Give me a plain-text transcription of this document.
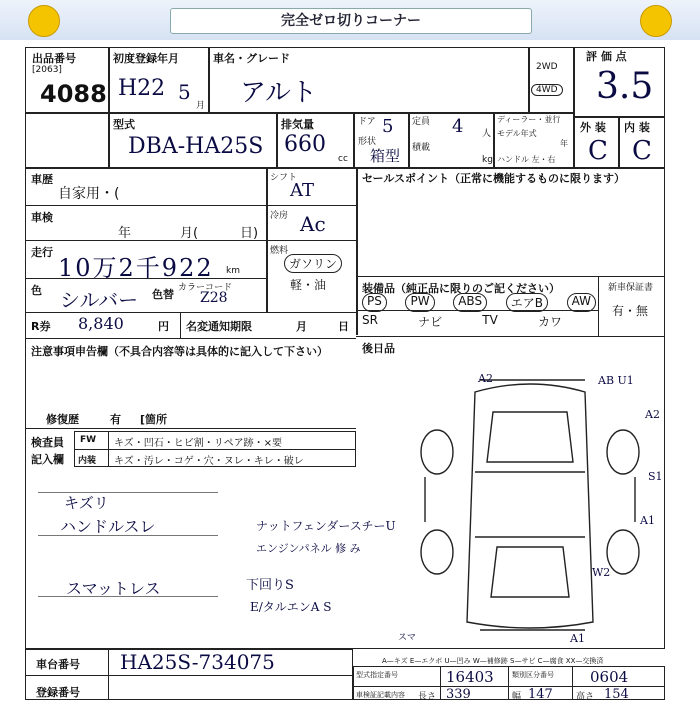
完全ゼロ切りコーナー
出品番号
[2063]
4088
初度登録年月
H22 5
月
車名・グレード
アルト
2WD
4WD
評 価 点
3.5
型式
DBA-HA25S
排気量
660
cc
ドア 5
形状
箱型
定員 4 人
積載
kg
ディーラー・並行
モデル年式
年
ハンドル 左・右
外 装 内 装
C C
車歴
自家用・(
車検
年	月(	日)
走行
10万2千922 km
色 シルバー 色替 カラーコード
Z28
R券 8,840	円 名変通知期限	月	日
シフト
AT
冷房 Ac
燃料
ガソリン
軽・油
セールスポイント（正常に機能するものに限ります）
装備品（純正品に限りのご記ください）	新車保証書
有・無
PS	PW	ABS	エアB	AW
SR	ナビ	TV	カワ
後日品
注意事項申告欄（不具合内容等は具体的に記入して下さい）
修復歴	有 [箇所
検査員
記入欄
FW
内装
キズ・凹石・ヒビ割・リペア跡・×要
キズ・汚レ・コゲ・穴・ヌレ・キレ・破レ
キズリ
ハンドルスレ
スマットレス
ナットフェンダースチーU
エンジンパネル 修 み
下回りS
E/タルエンA S
A2	AB U1
A2
S1
A1
W2
A1
スマ
A—キズ E—エクボ U—凹み W—補修跡 S—サビ C—腐食 XX—交換済
車台番号 HA25S-734075
登録番号
型式指定番号	16403	類別区分番号	0604
車検証記載内容 長さ 339	幅 147	高さ 154
